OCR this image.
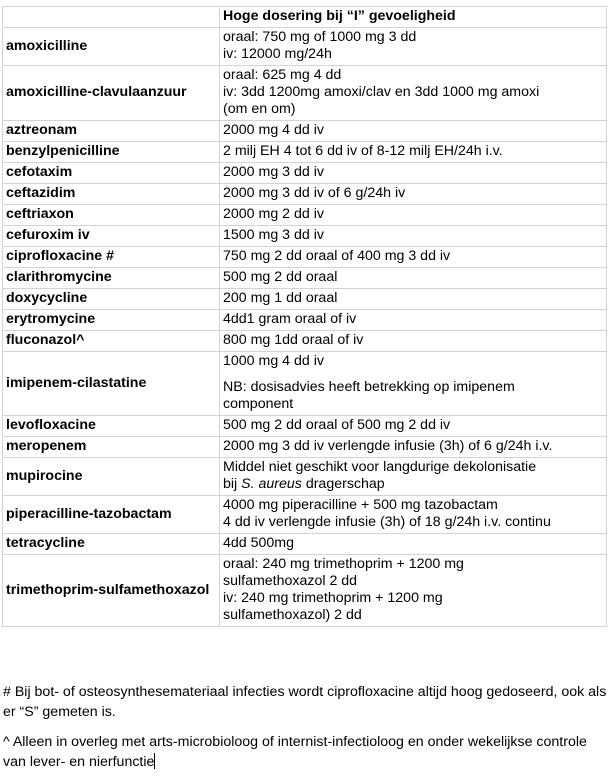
	Hoge dosering bij “I” gevoeligheid
amoxicilline	oraal: 750 mg of 1000 mg 3 dd
iv: 12000 mg/24h
amoxicilline-clavulaanzuur	oraal: 625 mg 4 dd
iv: 3dd 1200mg amoxi/clav en 3dd 1000 mg amoxi
(om en om)
aztreonam	2000 mg 4 dd iv
benzylpenicilline	2 milj EH 4 tot 6 dd iv of 8-12 milj EH/24h i.v.
cefotaxim	2000 mg 3 dd iv
ceftazidim	2000 mg 3 dd iv of 6 g/24h iv
ceftriaxon	2000 mg 2 dd iv
cefuroxim iv	1500 mg 3 dd iv
ciprofloxacine #	750 mg 2 dd oraal of 400 mg 3 dd iv
clarithromycine	500 mg 2 dd oraal
doxycycline	200 mg 1 dd oraal
erytromycine	4dd1 gram oraal of iv
fluconazol^	800 mg 1dd oraal of iv
imipenem-cilastatine	1000 mg 4 dd iv
NB: dosisadvies heeft betrekking op imipenem
component
levofloxacine	500 mg 2 dd oraal of 500 mg 2 dd iv
meropenem	2000 mg 3 dd iv verlengde infusie (3h) of 6 g/24h i.v.
mupirocine	Middel niet geschikt voor langdurige dekolonisatie
bij S. aureus dragerschap
piperacilline-tazobactam	4000 mg piperacilline + 500 mg tazobactam
4 dd iv verlengde infusie (3h) of 18 g/24h i.v. continu
tetracycline	4dd 500mg
trimethoprim-sulfamethoxazol	oraal: 240 mg trimethoprim + 1200 mg
sulfamethoxazol 2 dd
iv: 240 mg trimethoprim + 1200 mg
sulfamethoxazol) 2 dd

# Bij bot- of osteosynthesemateriaal infecties wordt ciprofloxacine altijd hoog gedoseerd, ook als er “S” gemeten is.

^ Alleen in overleg met arts-microbioloog of internist-infectioloog en onder wekelijkse controle van lever- en nierfunctie
